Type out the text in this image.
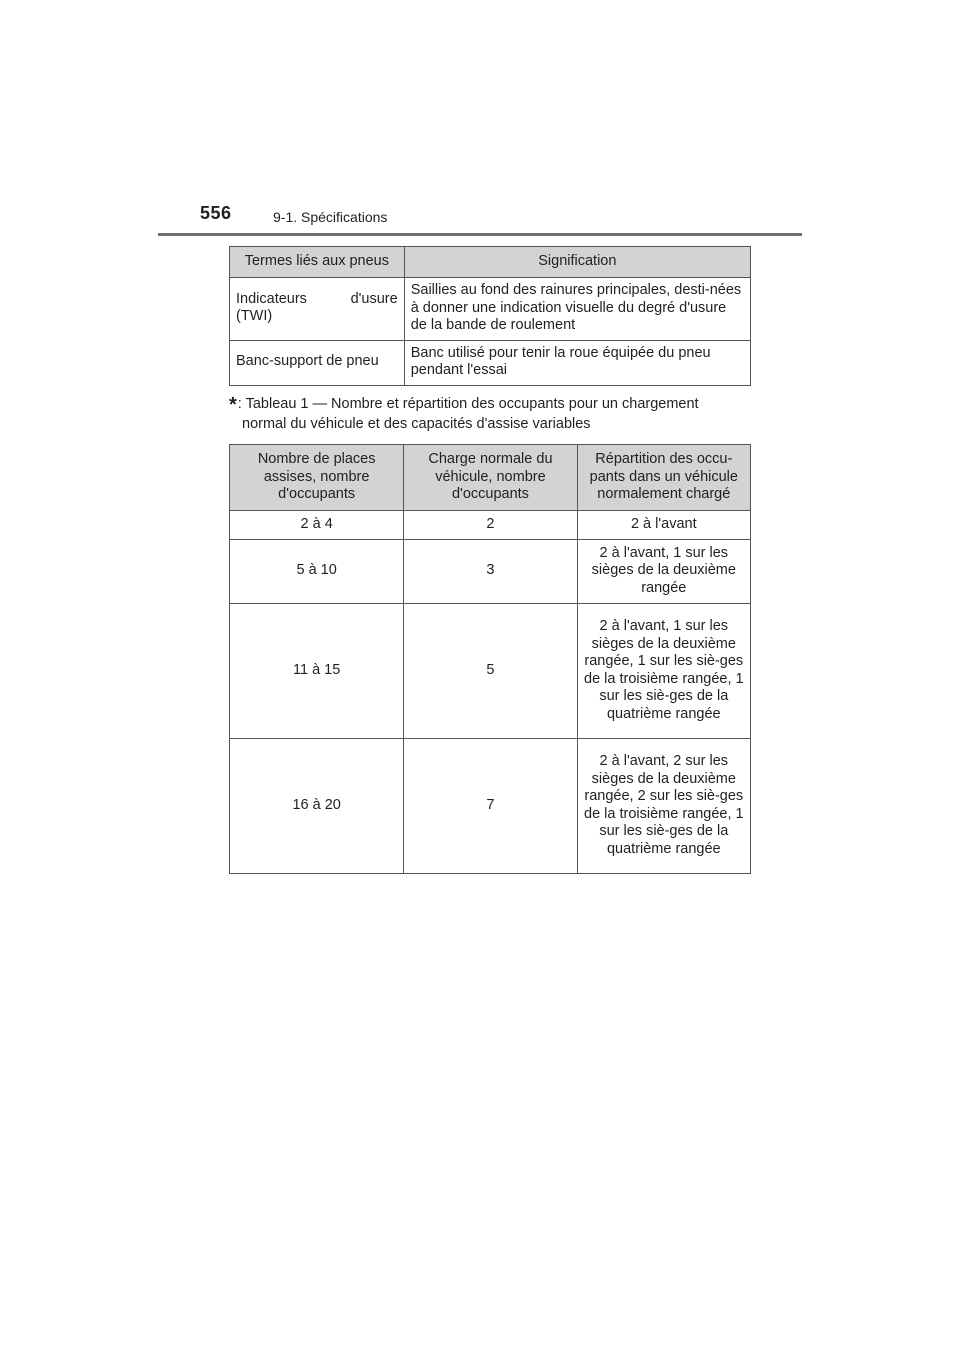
556	9-1. Spécifications
Termes liés aux pneus	Signification

Indicateurs d'usure
(TWI)	Saillies au fond des rainures principales, desti-nées à donner une indication visuelle du degré d'usure de la bande de roulement
Banc-support de pneu	Banc utilisé pour tenir la roue équipée du pneu pendant l'essai
*: Tableau 1 — Nombre et répartition des occupants pour un chargement
normal du véhicule et des capacités d'assise variables
Nombre de places assises, nombre d'occupants	Charge normale du véhicule, nombre d'occupants	Répartition des occu-pants dans un véhicule normalement chargé
2 à 4	2	2 à l'avant
5 à 10	3	2 à l'avant, 1 sur les sièges de la deuxième rangée
11 à 15	5	2 à l'avant, 1 sur les sièges de la deuxième rangée, 1 sur les siè-ges de la troisième rangée, 1 sur les siè-ges de la quatrième rangée
16 à 20	7	2 à l'avant, 2 sur les sièges de la deuxième rangée, 2 sur les siè-ges de la troisième rangée, 1 sur les siè-ges de la quatrième rangée
